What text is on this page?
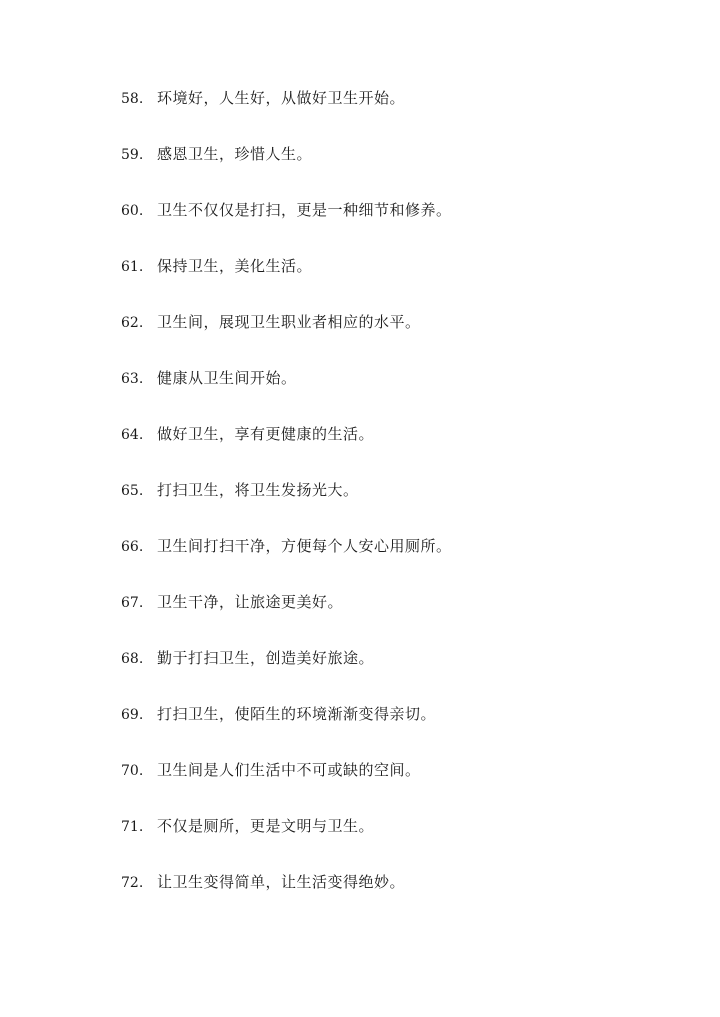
58. 环境好，人生好，从做好卫生开始。
59. 感恩卫生，珍惜人生。
60. 卫生不仅仅是打扫，更是一种细节和修养。
61. 保持卫生，美化生活。
62. 卫生间，展现卫生职业者相应的水平。
63. 健康从卫生间开始。
64. 做好卫生，享有更健康的生活。
65. 打扫卫生，将卫生发扬光大。
66. 卫生间打扫干净，方便每个人安心用厕所。
67. 卫生干净，让旅途更美好。
68. 勤于打扫卫生，创造美好旅途。
69. 打扫卫生，使陌生的环境渐渐变得亲切。
70. 卫生间是人们生活中不可或缺的空间。
71. 不仅是厕所，更是文明与卫生。
72. 让卫生变得简单，让生活变得绝妙。
